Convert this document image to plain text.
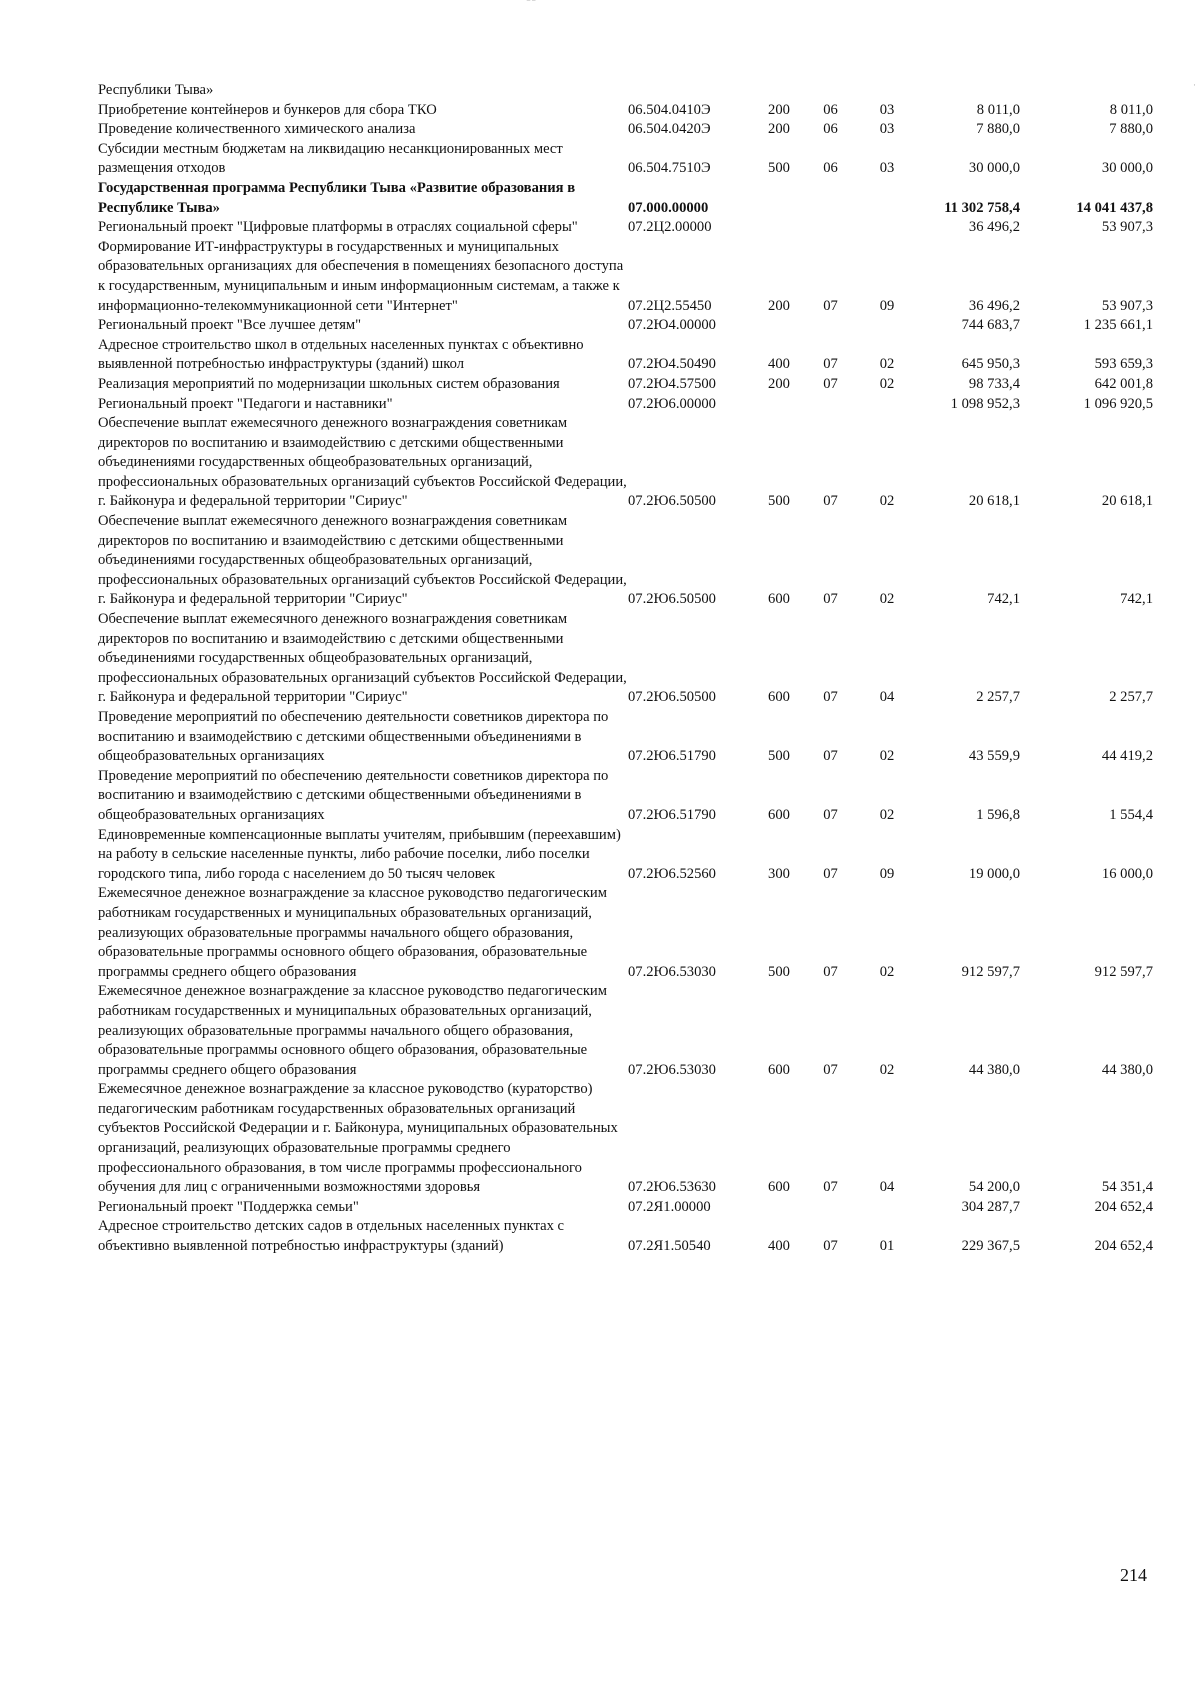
‾ ‾
·
Республики Тыва»						
Приобретение контейнеров и бункеров для сбора ТКО	06.504.0410Э	200	06	03	8 011,0	8 011,0
Проведение количественного химического анализа	06.504.0420Э	200	06	03	7 880,0	7 880,0
Субсидии местным бюджетам на ликвидацию несанкционированных мест размещения отходов	06.504.7510Э	500	06	03	30 000,0	30 000,0
Государственная программа Республики Тыва «Развитие образования в Республике Тыва»	07.000.00000				11 302 758,4	14 041 437,8
Региональный проект "Цифровые платформы в отраслях социальной сферы"	07.2Ц2.00000				36 496,2	53 907,3
Формирование ИТ-инфраструктуры в государственных и муниципальных образовательных организациях для обеспечения в помещениях безопасного доступа к государственным, муниципальным и иным информационным системам, а также к информационно-телекоммуникационной сети "Интернет"	07.2Ц2.55450	200	07	09	36 496,2	53 907,3
Региональный проект "Все лучшее детям"	07.2Ю4.00000				744 683,7	1 235 661,1
Адресное строительство школ в отдельных населенных пунктах с объективно выявленной потребностью инфраструктуры (зданий) школ	07.2Ю4.50490	400	07	02	645 950,3	593 659,3
Реализация мероприятий по модернизации школьных систем образования	07.2Ю4.57500	200	07	02	98 733,4	642 001,8
Региональный проект "Педагоги и наставники"	07.2Ю6.00000				1 098 952,3	1 096 920,5
Обеспечение выплат ежемесячного денежного вознаграждения советникам директоров по воспитанию и взаимодействию с детскими общественными объединениями государственных общеобразовательных организаций, профессиональных образовательных организаций субъектов Российской Федерации, г. Байконура и федеральной территории "Сириус"	07.2Ю6.50500	500	07	02	20 618,1	20 618,1
Обеспечение выплат ежемесячного денежного вознаграждения советникам директоров по воспитанию и взаимодействию с детскими общественными объединениями государственных общеобразовательных организаций, профессиональных образовательных организаций субъектов Российской Федерации, г. Байконура и федеральной территории "Сириус"	07.2Ю6.50500	600	07	02	742,1	742,1
Обеспечение выплат ежемесячного денежного вознаграждения советникам директоров по воспитанию и взаимодействию с детскими общественными объединениями государственных общеобразовательных организаций, профессиональных образовательных организаций субъектов Российской Федерации, г. Байконура и федеральной территории "Сириус"	07.2Ю6.50500	600	07	04	2 257,7	2 257,7
Проведение мероприятий по обеспечению деятельности советников директора по воспитанию и взаимодействию с детскими общественными объединениями в общеобразовательных организациях	07.2Ю6.51790	500	07	02	43 559,9	44 419,2
Проведение мероприятий по обеспечению деятельности советников директора по воспитанию и взаимодействию с детскими общественными объединениями в общеобразовательных организациях	07.2Ю6.51790	600	07	02	1 596,8	1 554,4
Единовременные компенсационные выплаты учителям, прибывшим (переехавшим) на работу в сельские населенные пункты, либо рабочие поселки, либо поселки городского типа, либо города с населением до 50 тысяч человек	07.2Ю6.52560	300	07	09	19 000,0	16 000,0
Ежемесячное денежное вознаграждение за классное руководство педагогическим работникам государственных и муниципальных образовательных организаций, реализующих образовательные программы начального общего образования, образовательные программы основного общего образования, образовательные программы среднего общего образования	07.2Ю6.53030	500	07	02	912 597,7	912 597,7
Ежемесячное денежное вознаграждение за классное руководство педагогическим работникам государственных и муниципальных образовательных организаций, реализующих образовательные программы начального общего образования, образовательные программы основного общего образования, образовательные программы среднего общего образования	07.2Ю6.53030	600	07	02	44 380,0	44 380,0
Ежемесячное денежное вознаграждение за классное руководство (кураторство) педагогическим работникам государственных образовательных организаций субъектов Российской Федерации и г. Байконура, муниципальных образовательных организаций, реализующих образовательные программы среднего профессионального образования, в том числе программы профессионального обучения для лиц с ограниченными возможностями здоровья	07.2Ю6.53630	600	07	04	54 200,0	54 351,4
Региональный проект "Поддержка семьи"	07.2Я1.00000				304 287,7	204 652,4
Адресное строительство детских садов в отдельных населенных пунктах с объективно выявленной потребностью инфраструктуры (зданий)	07.2Я1.50540	400	07	01	229 367,5	204 652,4
214
